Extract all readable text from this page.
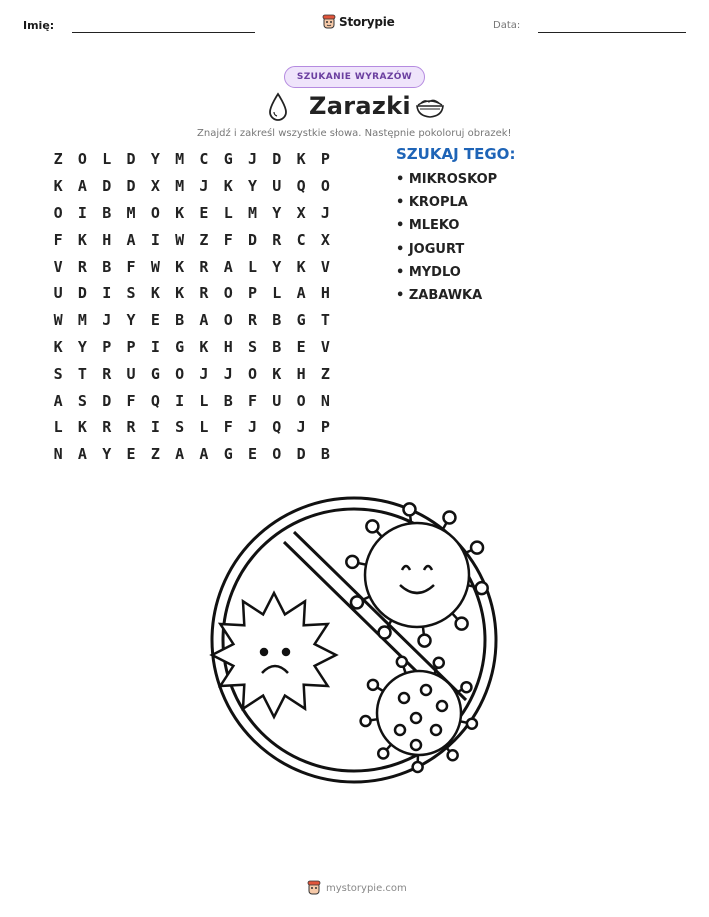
Imię:	Storypie	Data:
SZUKANIE WYRAZÓW
Zarazki
Znajdź i zakreśl wszystkie słowa. Następnie pokoloruj obrazek!
Z	O	L	D	Y	M	C	G	J	D	K	P
K	A	D	D	X	M	J	K	Y	U	Q	O
O	I	B	M	O	K	E	L	M	Y	X	J
F	K	H	A	I	W	Z	F	D	R	C	X
V	R	B	F	W	K	R	A	L	Y	K	V
U	D	I	S	K	K	R	O	P	L	A	H
W	M	J	Y	E	B	A	O	R	B	G	T
K	Y	P	P	I	G	K	H	S	B	E	V
S	T	R	U	G	O	J	J	O	K	H	Z
A	S	D	F	Q	I	L	B	F	U	O	N
L	K	R	R	I	S	L	F	J	Q	J	P
N	A	Y	E	Z	A	A	G	E	O	D	B
SZUKAJ TEGO:
• MIKROSKOP
• KROPLA
• MLEKO
• JOGURT
• MYDLO
• ZABAWKA
mystorypie.com
